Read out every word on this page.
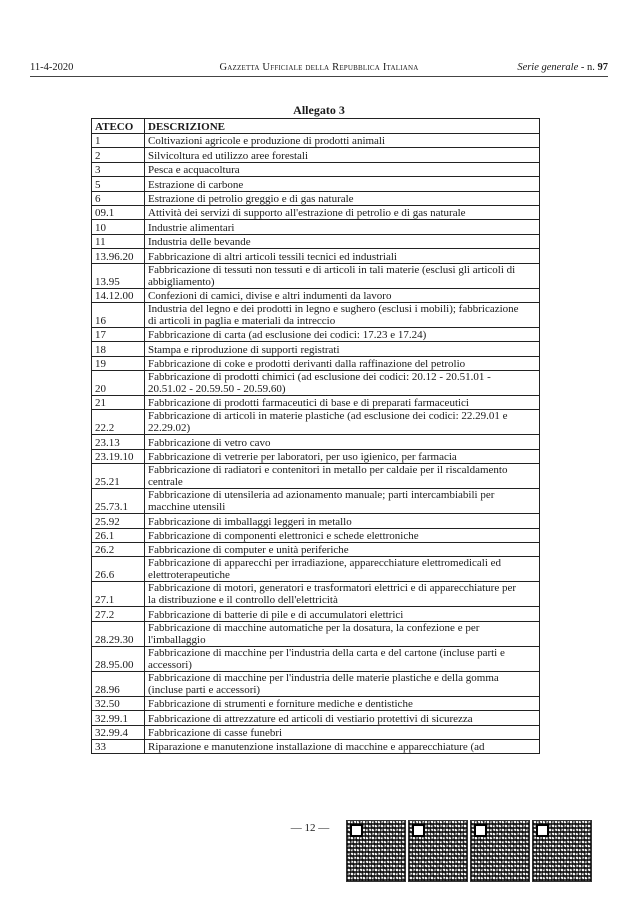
11-4-2020	Gazzetta Ufficiale della Repubblica Italiana	Serie generale - n. 97
Allegato 3
ATECO	DESCRIZIONE
1	Coltivazioni agricole e produzione di prodotti animali
2	Silvicoltura ed utilizzo aree forestali
3	Pesca e acquacoltura
5	Estrazione di carbone
6	Estrazione di petrolio greggio e di gas naturale
09.1	Attività dei servizi di supporto all'estrazione di petrolio e di gas naturale
10	Industrie alimentari
11	Industria delle bevande
13.96.20	Fabbricazione di altri articoli tessili tecnici ed industriali
13.95	Fabbricazione di tessuti non tessuti e di articoli in tali materie (esclusi gli articoli di
abbigliamento)
14.12.00	Confezioni di camici, divise e altri indumenti da lavoro
16	Industria del legno e dei prodotti in legno e sughero (esclusi i mobili); fabbricazione
di articoli in paglia e materiali da intreccio
17	Fabbricazione di carta (ad esclusione dei codici: 17.23 e 17.24)
18	Stampa e riproduzione di supporti registrati
19	Fabbricazione di coke e prodotti derivanti dalla raffinazione del petrolio
20	Fabbricazione di prodotti chimici (ad esclusione dei codici: 20.12 - 20.51.01 -
20.51.02 - 20.59.50 - 20.59.60)
21	Fabbricazione di prodotti farmaceutici di base e di preparati farmaceutici
22.2	Fabbricazione di articoli in materie plastiche (ad esclusione dei codici: 22.29.01 e
22.29.02)
23.13	Fabbricazione di vetro cavo
23.19.10	Fabbricazione di vetrerie per laboratori, per uso igienico, per farmacia
25.21	Fabbricazione di radiatori e contenitori in metallo per caldaie per il riscaldamento
centrale
25.73.1	Fabbricazione di utensileria ad azionamento manuale; parti intercambiabili per
macchine utensili
25.92	Fabbricazione di imballaggi leggeri in metallo
26.1	Fabbricazione di componenti elettronici e schede elettroniche
26.2	Fabbricazione di computer e unità periferiche
26.6	Fabbricazione di apparecchi per irradiazione, apparecchiature elettromedicali ed
elettroterapeutiche
27.1	Fabbricazione di motori, generatori e trasformatori elettrici e di apparecchiature per
la distribuzione e il controllo dell'elettricità
27.2	Fabbricazione di batterie di pile e di accumulatori elettrici
28.29.30	Fabbricazione di macchine automatiche per la dosatura, la confezione e per
l'imballaggio
28.95.00	Fabbricazione di macchine per l'industria della carta e del cartone (incluse parti e
accessori)
28.96	Fabbricazione di macchine per l'industria delle materie plastiche e della gomma
(incluse parti e accessori)
32.50	Fabbricazione di strumenti e forniture mediche e dentistiche
32.99.1	Fabbricazione di attrezzature ed articoli di vestiario protettivi di sicurezza
32.99.4	Fabbricazione di casse funebri
33	Riparazione e manutenzione installazione di macchine e apparecchiature (ad
— 12 —
